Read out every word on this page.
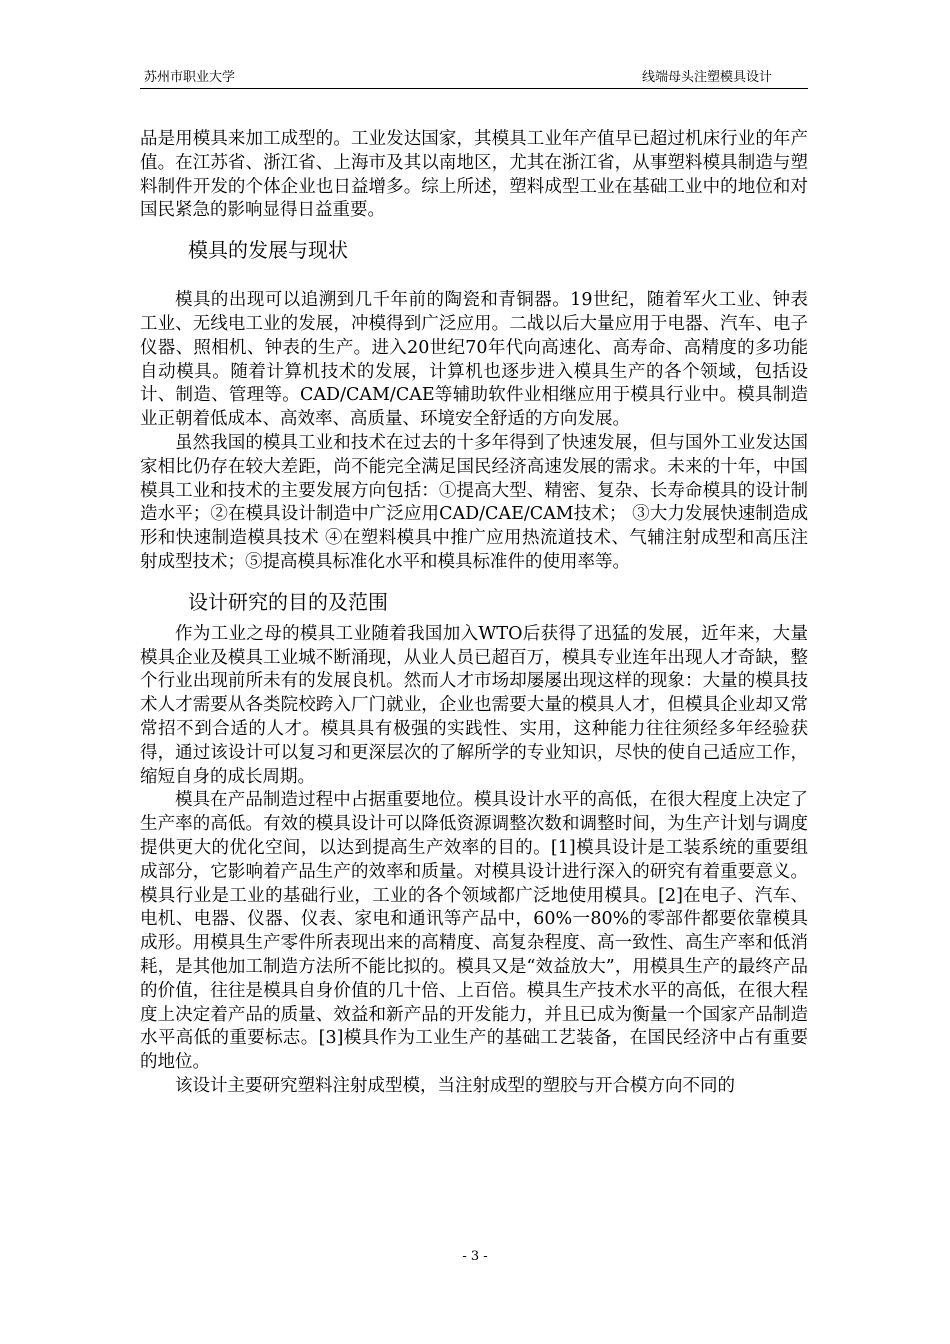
苏州市职业大学	线端母头注塑模具设计

品是用模具来加工成型的。工业发达国家，其模具工业年产值早已超过机床行业的年产值。在江苏省、浙江省、上海市及其以南地区，尤其在浙江省，从事塑料模具制造与塑料制件开发的个体企业也日益增多。综上所述，塑料成型工业在基础工业中的地位和对国民紧急的影响显得日益重要。

模具的发展与现状

模具的出现可以追溯到几千年前的陶瓷和青铜器。19世纪，随着军火工业、钟表工业、无线电工业的发展，冲模得到广泛应用。二战以后大量应用于电器、汽车、电子仪器、照相机、钟表的生产。进入20世纪70年代向高速化、高寿命、高精度的多功能自动模具。随着计算机技术的发展，计算机也逐步进入模具生产的各个领域，包括设计、制造、管理等。CAD/CAM/CAE等辅助软件业相继应用于模具行业中。模具制造业正朝着低成本、高效率、高质量、环境安全舒适的方向发展。

虽然我国的模具工业和技术在过去的十多年得到了快速发展，但与国外工业发达国家相比仍存在较大差距，尚不能完全满足国民经济高速发展的需求。未来的十年，中国模具工业和技术的主要发展方向包括：①提高大型、精密、复杂、长寿命模具的设计制造水平；②在模具设计制造中广泛应用CAD/CAE/CAM技术； ③大力发展快速制造成形和快速制造模具技术 ④在塑料模具中推广应用热流道技术、气辅注射成型和高压注射成型技术；⑤提高模具标准化水平和模具标准件的使用率等。

设计研究的目的及范围

作为工业之母的模具工业随着我国加入WTO后获得了迅猛的发展，近年来，大量模具企业及模具工业城不断涌现，从业人员已超百万，模具专业连年出现人才奇缺，整个行业出现前所未有的发展良机。然而人才市场却屡屡出现这样的现象：大量的模具技术人才需要从各类院校跨入厂门就业，企业也需要大量的模具人才，但模具企业却又常常招不到合适的人才。模具具有极强的实践性、实用，这种能力往往须经多年经验获得，通过该设计可以复习和更深层次的了解所学的专业知识，尽快的使自己适应工作，缩短自身的成长周期。

模具在产品制造过程中占据重要地位。模具设计水平的高低，在很大程度上决定了生产率的高低。有效的模具设计可以降低资源调整次数和调整时间，为生产计划与调度提供更大的优化空间，以达到提高生产效率的目的。[1]模具设计是工装系统的重要组成部分，它影响着产品生产的效率和质量。对模具设计进行深入的研究有着重要意义。模具行业是工业的基础行业，工业的各个领域都广泛地使用模具。[2]在电子、汽车、电机、电器、仪器、仪表、家电和通讯等产品中，60%一80%的零部件都要依靠模具成形。用模具生产零件所表现出来的高精度、高复杂程度、高一致性、高生产率和低消耗，是其他加工制造方法所不能比拟的。模具又是“效益放大”，用模具生产的最终产品的价值，往往是模具自身价值的几十倍、上百倍。模具生产技术水平的高低，在很大程度上决定着产品的质量、效益和新产品的开发能力，并且已成为衡量一个国家产品制造水平高低的重要标志。[3]模具作为工业生产的基础工艺装备，在国民经济中占有重要的地位。

该设计主要研究塑料注射成型模，当注射成型的塑胶与开合模方向不同的

- 3 -
